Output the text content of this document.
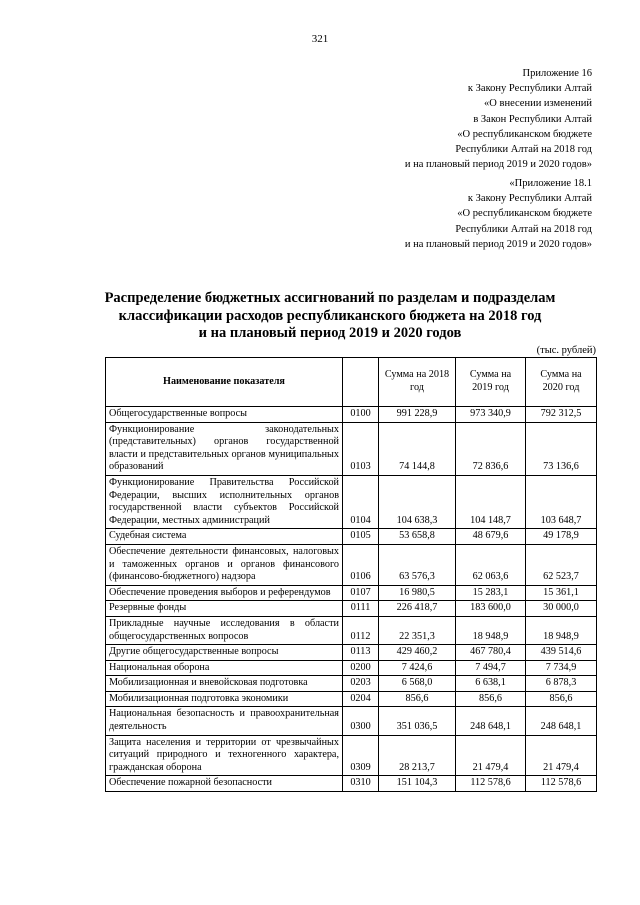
321
Приложение 16
к Закону Республики Алтай
«О внесении изменений
в Закон Республики Алтай
«О республиканском бюджете
Республики Алтай на 2018 год
и на плановый период 2019 и 2020 годов»
«Приложение 18.1
к Закону Республики Алтай
«О республиканском бюджете
Республики Алтай на 2018 год
и на плановый период 2019 и 2020 годов»
Распределение бюджетных ассигнований по разделам и подразделам
классификации расходов республиканского бюджета на 2018 год
и на плановый период 2019 и 2020 годов
(тыс. рублей)
Наименование показателя		Сумма на 2018 год	Сумма на 2019 год	Сумма на 2020 год
Общегосударственные вопросы	0100	991 228,9	973 340,9	792 312,5
Функционирование законодательных (представительных) органов государственной власти и представительных органов муниципальных образований	0103	74 144,8	72 836,6	73 136,6
Функционирование Правительства Российской Федерации, высших исполнительных органов государственной власти субъектов Российской Федерации, местных администраций	0104	104 638,3	104 148,7	103 648,7
Судебная система	0105	53 658,8	48 679,6	49 178,9
Обеспечение деятельности финансовых, налоговых и таможенных органов и органов финансового (финансово-бюджетного) надзора	0106	63 576,3	62 063,6	62 523,7
Обеспечение проведения выборов и референдумов	0107	16 980,5	15 283,1	15 361,1
Резервные фонды	0111	226 418,7	183 600,0	30 000,0
Прикладные научные исследования в области общегосударственных вопросов	0112	22 351,3	18 948,9	18 948,9
Другие общегосударственные вопросы	0113	429 460,2	467 780,4	439 514,6
Национальная оборона	0200	7 424,6	7 494,7	7 734,9
Мобилизационная и вневойсковая подготовка	0203	6 568,0	6 638,1	6 878,3
Мобилизационная подготовка экономики	0204	856,6	856,6	856,6
Национальная безопасность и правоохранительная деятельность	0300	351 036,5	248 648,1	248 648,1
Защита населения и территории от чрезвычайных ситуаций природного и техногенного характера, гражданская оборона	0309	28 213,7	21 479,4	21 479,4
Обеспечение пожарной безопасности	0310	151 104,3	112 578,6	112 578,6
